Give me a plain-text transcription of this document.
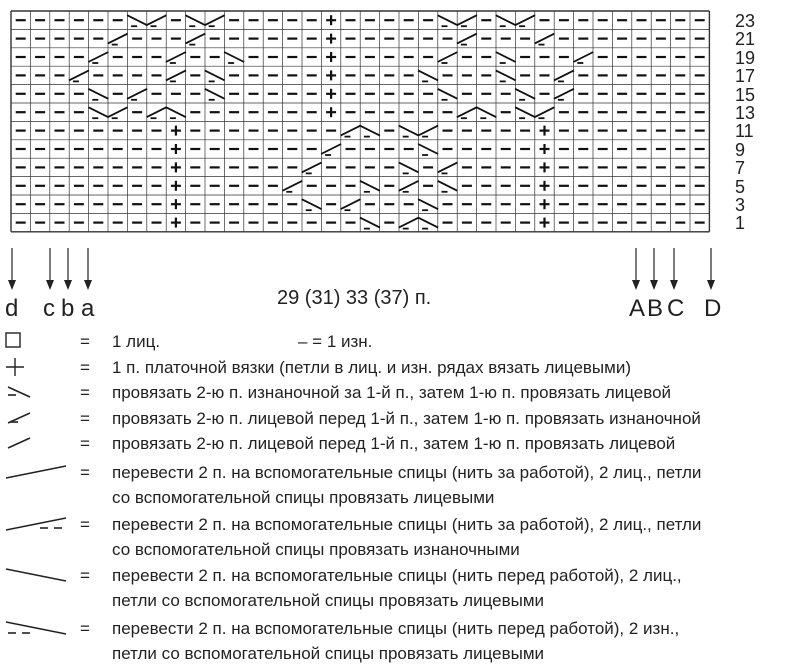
23
21
19
17
15
13
11
9
7
5
3
1
d c b a	A B C D
29 (31) 33 (37) п.
= 1 лиц.	– = 1 изн.
= 1 п. платочной вязки (петли в лиц. и изн. рядах вязать лицевыми)
= провязать 2-ю п. изнаночной за 1-й п., затем 1-ю п. провязать лицевой
= провязать 2-ю п. лицевой перед 1-й п., затем 1-ю п. провязать изнаночной
= провязать 2-ю п. лицевой перед 1-й п., затем 1-ю п. провязать лицевой
= перевести 2 п. на вспомогательные спицы (нить за работой), 2 лиц., петли
со вспомогательной спицы провязать лицевыми
= перевести 2 п. на вспомогательные спицы (нить за работой), 2 лиц., петли
со вспомогательной спицы провязать изнаночными
= перевести 2 п. на вспомогательные спицы (нить перед работой), 2 лиц.,
петли со вспомогательной спицы провязать лицевыми
= перевести 2 п. на вспомогательные спицы (нить перед работой), 2 изн.,
петли со вспомогательной спицы провязать лицевыми
